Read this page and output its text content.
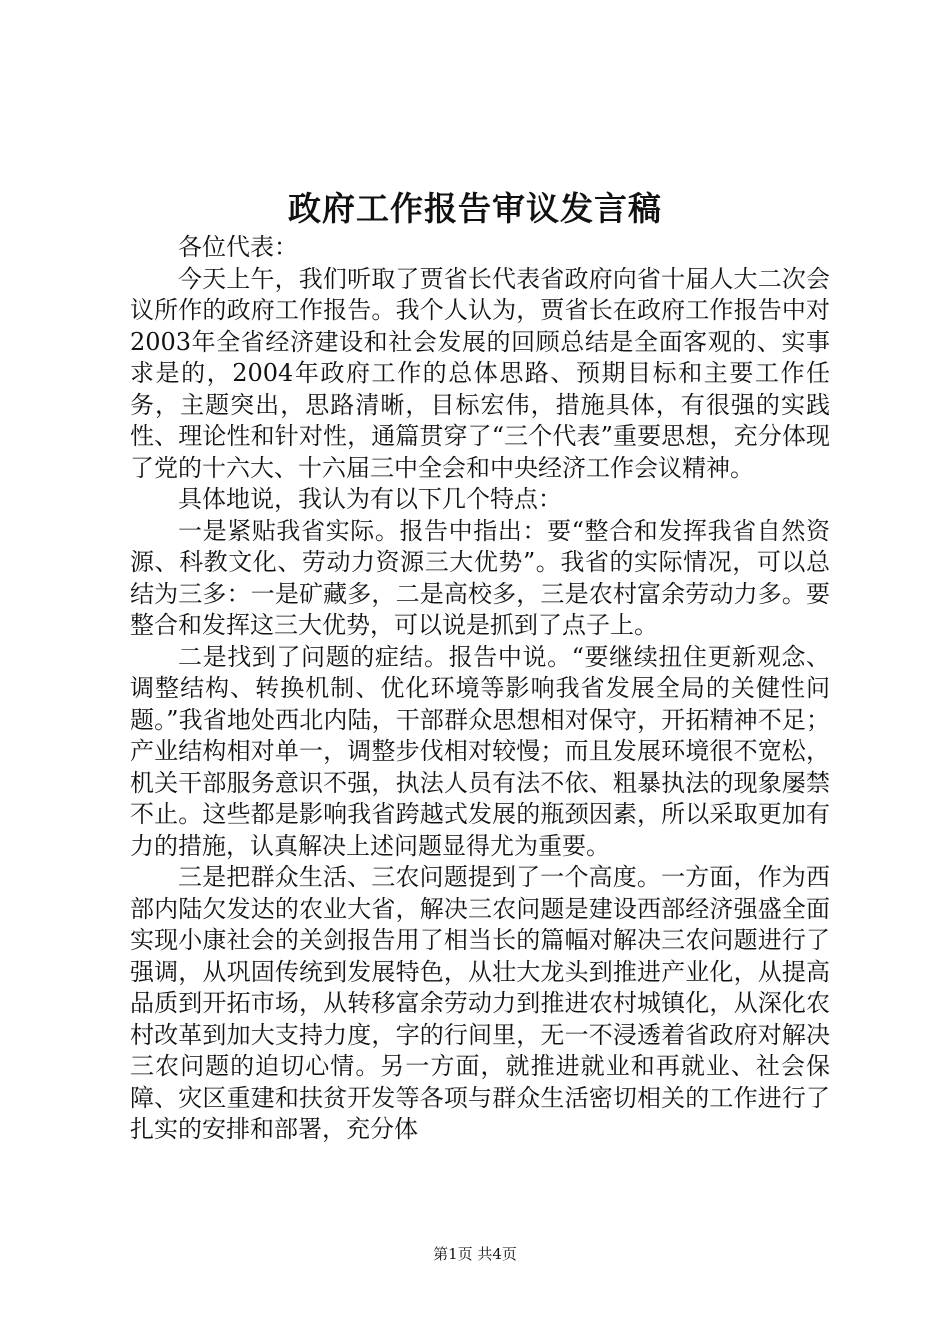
政府工作报告审议发言稿

各位代表：

今天上午，我们听取了贾省长代表省政府向省十届人大二次会议所作的政府工作报告。我个人认为，贾省长在政府工作报告中对2003年全省经济建设和社会发展的回顾总结是全面客观的、实事求是的，2004年政府工作的总体思路、预期目标和主要工作任务，主题突出，思路清晰，目标宏伟，措施具体，有很强的实践性、理论性和针对性，通篇贯穿了“三个代表”重要思想，充分体现了党的十六大、十六届三中全会和中央经济工作会议精神。

具体地说，我认为有以下几个特点：

一是紧贴我省实际。报告中指出：要“整合和发挥我省自然资源、科教文化、劳动力资源三大优势”。我省的实际情况，可以总结为三多：一是矿藏多，二是高校多，三是农村富余劳动力多。要整合和发挥这三大优势，可以说是抓到了点子上。

二是找到了问题的症结。报告中说。“要继续扭住更新观念、调整结构、转换机制、优化环境等影响我省发展全局的关健性问题。”我省地处西北内陆，干部群众思想相对保守，开拓精神不足；产业结构相对单一，调整步伐相对较慢；而且发展环境很不宽松，机关干部服务意识不强，执法人员有法不依、粗暴执法的现象屡禁不止。这些都是影响我省跨越式发展的瓶颈因素，所以采取更加有力的措施，认真解决上述问题显得尤为重要。

三是把群众生活、三农问题提到了一个高度。一方面，作为西部内陆欠发达的农业大省，解决三农问题是建设西部经济强盛全面实现小康社会的关剑报告用了相当长的篇幅对解决三农问题进行了强调，从巩固传统到发展特色，从壮大龙头到推进产业化，从提高品质到开拓市场，从转移富余劳动力到推进农村城镇化，从深化农村改革到加大支持力度，字的行间里，无一不浸透着省政府对解决三农问题的迫切心情。另一方面，就推进就业和再就业、社会保障、灾区重建和扶贫开发等各项与群众生活密切相关的工作进行了扎实的安排和部署，充分体

第1页 共4页
